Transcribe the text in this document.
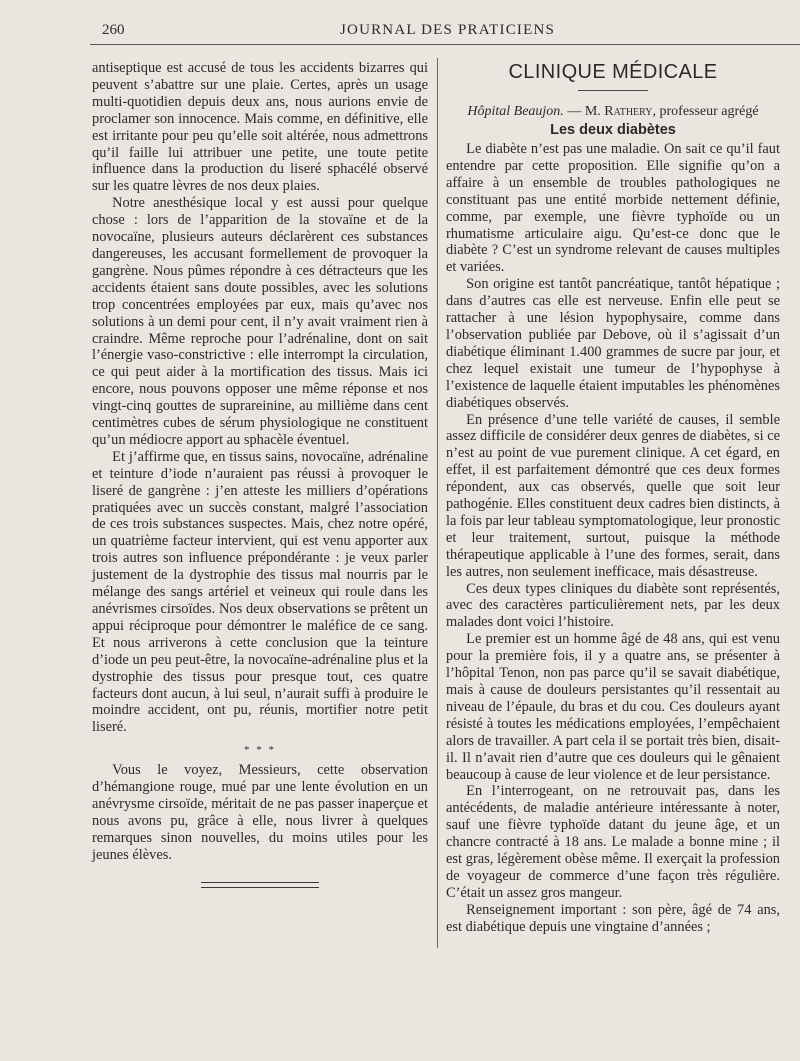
260	JOURNAL DES PRATICIENS

antiseptique est accusé de tous les accidents bizarres qui peuvent s’abattre sur une plaie. Certes, après un usage multi-quotidien depuis deux ans, nous aurions envie de proclamer son innocence. Mais comme, en définitive, elle est irritante pour peu qu’elle soit altérée, nous admettrons qu’il faille lui attribuer une petite, une toute petite influence dans la production du liseré sphacélé observé sur les quatre lèvres de nos deux plaies.

Notre anesthésique local y est aussi pour quelque chose : lors de l’apparition de la stovaïne et de la novocaïne, plusieurs auteurs déclarèrent ces substances dangereuses, les accusant formellement de provoquer la gangrène. Nous pûmes répondre à ces détracteurs que les accidents étaient sans doute possibles, avec les solutions trop concentrées employées par eux, mais qu’avec nos solutions à un demi pour cent, il n’y avait vraiment rien à craindre. Même reproche pour l’adrénaline, dont on sait l’énergie vaso-constrictive : elle interrompt la circulation, ce qui peut aider à la mortification des tissus. Mais ici encore, nous pouvons opposer une même réponse et nos vingt-cinq gouttes de suprareinine, au millième dans cent centimètres cubes de sérum physiologique ne constituent qu’un médiocre apport au sphacèle éventuel.

Et j’affirme que, en tissus sains, novocaïne, adrénaline et teinture d’iode n’auraient pas réussi à provoquer le liseré de gangrène : j’en atteste les milliers d’opérations pratiquées avec un succès constant, malgré l’association de ces trois substances suspectes. Mais, chez notre opéré, un quatrième facteur intervient, qui est venu apporter aux trois autres son influence prépondérante : je veux parler justement de la dystrophie des tissus mal nourris par le mélange des sangs artériel et veineux qui roule dans les anévrismes cirsoïdes. Nos deux observations se prêtent un appui réciproque pour démontrer le maléfice de ce sang. Et nous arriverons à cette conclusion que la teinture d’iode un peu peut-être, la novocaïne-adrénaline plus et la dystrophie des tissus pour presque tout, ces quatre facteurs dont aucun, à lui seul, n’aurait suffi à produire le moindre accident, ont pu, réunis, mortifier notre petit liseré.

* * *

Vous le voyez, Messieurs, cette observation d’hémangione rouge, mué par une lente évolution en un anévrysme cirsoïde, méritait de ne pas passer inaperçue et nous avons pu, grâce à elle, nous livrer à quelques remarques sinon nouvelles, du moins utiles pour les jeunes élèves.

CLINIQUE MÉDICALE
Hôpital Beaujon. — M. Rathery, professeur agrégé
Les deux diabètes

Le diabète n’est pas une maladie. On sait ce qu’il faut entendre par cette proposition. Elle signifie qu’on a affaire à un ensemble de troubles pathologiques ne constituant pas une entité morbide nettement définie, comme, par exemple, une fièvre typhoïde ou un rhumatisme articulaire aigu. Qu’est-ce donc que le diabète ? C’est un syndrome relevant de causes multiples et variées.

Son origine est tantôt pancréatique, tantôt hépatique ; dans d’autres cas elle est nerveuse. Enfin elle peut se rattacher à une lésion hypophysaire, comme dans l’observation publiée par Debove, où il s’agissait d’un diabétique éliminant 1.400 grammes de sucre par jour, et chez lequel existait une tumeur de l’hypophyse à l’existence de laquelle étaient imputables les phénomènes diabétiques observés.

En présence d’une telle variété de causes, il semble assez difficile de considérer deux genres de diabètes, si ce n’est au point de vue purement clinique. A cet égard, en effet, il est parfaitement démontré que ces deux formes répondent, aux cas observés, quelle que soit leur pathogénie. Elles constituent deux cadres bien distincts, à la fois par leur tableau symptomatologique, leur pronostic et leur traitement, surtout, puisque la méthode thérapeutique applicable à l’une des formes, serait, dans les autres, non seulement inefficace, mais désastreuse.

Ces deux types cliniques du diabète sont représentés, avec des caractères particulièrement nets, par les deux malades dont voici l’histoire.

Le premier est un homme âgé de 48 ans, qui est venu pour la première fois, il y a quatre ans, se présenter à l’hôpital Tenon, non pas parce qu’il se savait diabétique, mais à cause de douleurs persistantes qu’il ressentait au niveau de l’épaule, du bras et du cou. Ces douleurs ayant résisté à toutes les médications employées, l’empêchaient alors de travailler. A part cela il se portait très bien, disait-il. Il n’avait rien d’autre que ces douleurs qui le gênaient beaucoup à cause de leur violence et de leur persistance.

En l’interrogeant, on ne retrouvait pas, dans les antécédents, de maladie antérieure intéressante à noter, sauf une fièvre typhoïde datant du jeune âge, et un chancre contracté à 18 ans. Le malade a bonne mine ; il est gras, légèrement obèse même. Il exerçait la profession de voyageur de commerce d’une façon très régulière. C’était un assez gros mangeur.

Renseignement important : son père, âgé de 74 ans, est diabétique depuis une vingtaine d’années ;
